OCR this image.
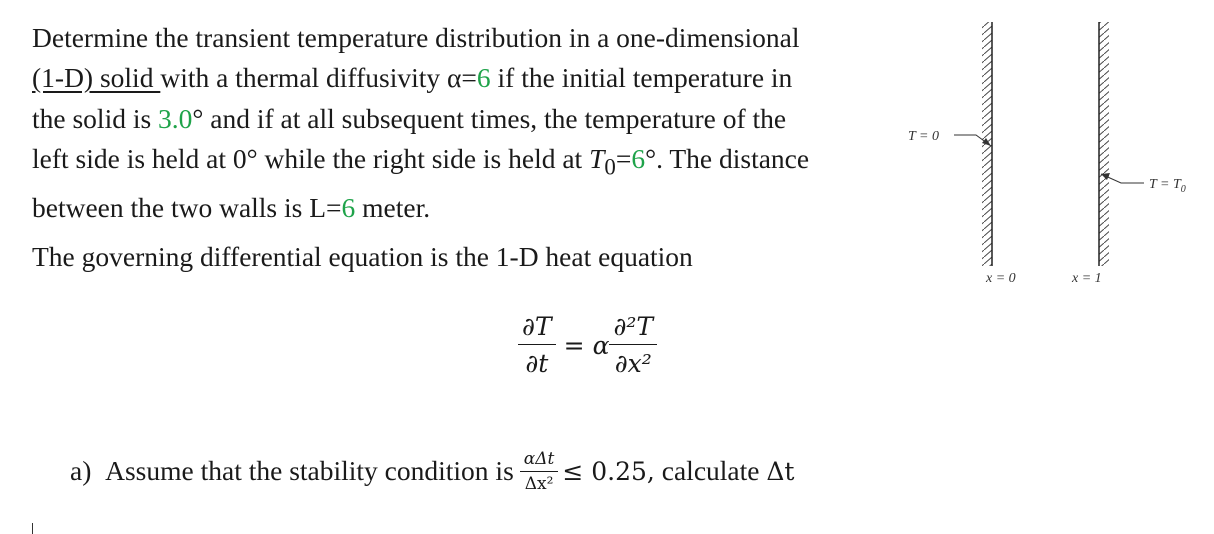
Determine the transient temperature distribution in a one-dimensional
(1-D) solid with a thermal diffusivity α=6 if the initial temperature in
the solid is 3.0° and if at all subsequent times, the temperature of the
left side is held at 0° while the right side is held at $T_0=6^\circ$. The distance
between the two walls is L=6 meter.
The governing differential equation is the 1-D heat equation
$\frac{\partial T}{\partial t} = \alpha \frac{\text{∂²T}}{\text{∂x²}}$
a)
Assume that the stability condition is $\frac{\text{αΔt}}{\text{Δx²}} \le 0.25$,
calculate
Δt
T = 0
$T = T_0$
x = 0	x = 1
